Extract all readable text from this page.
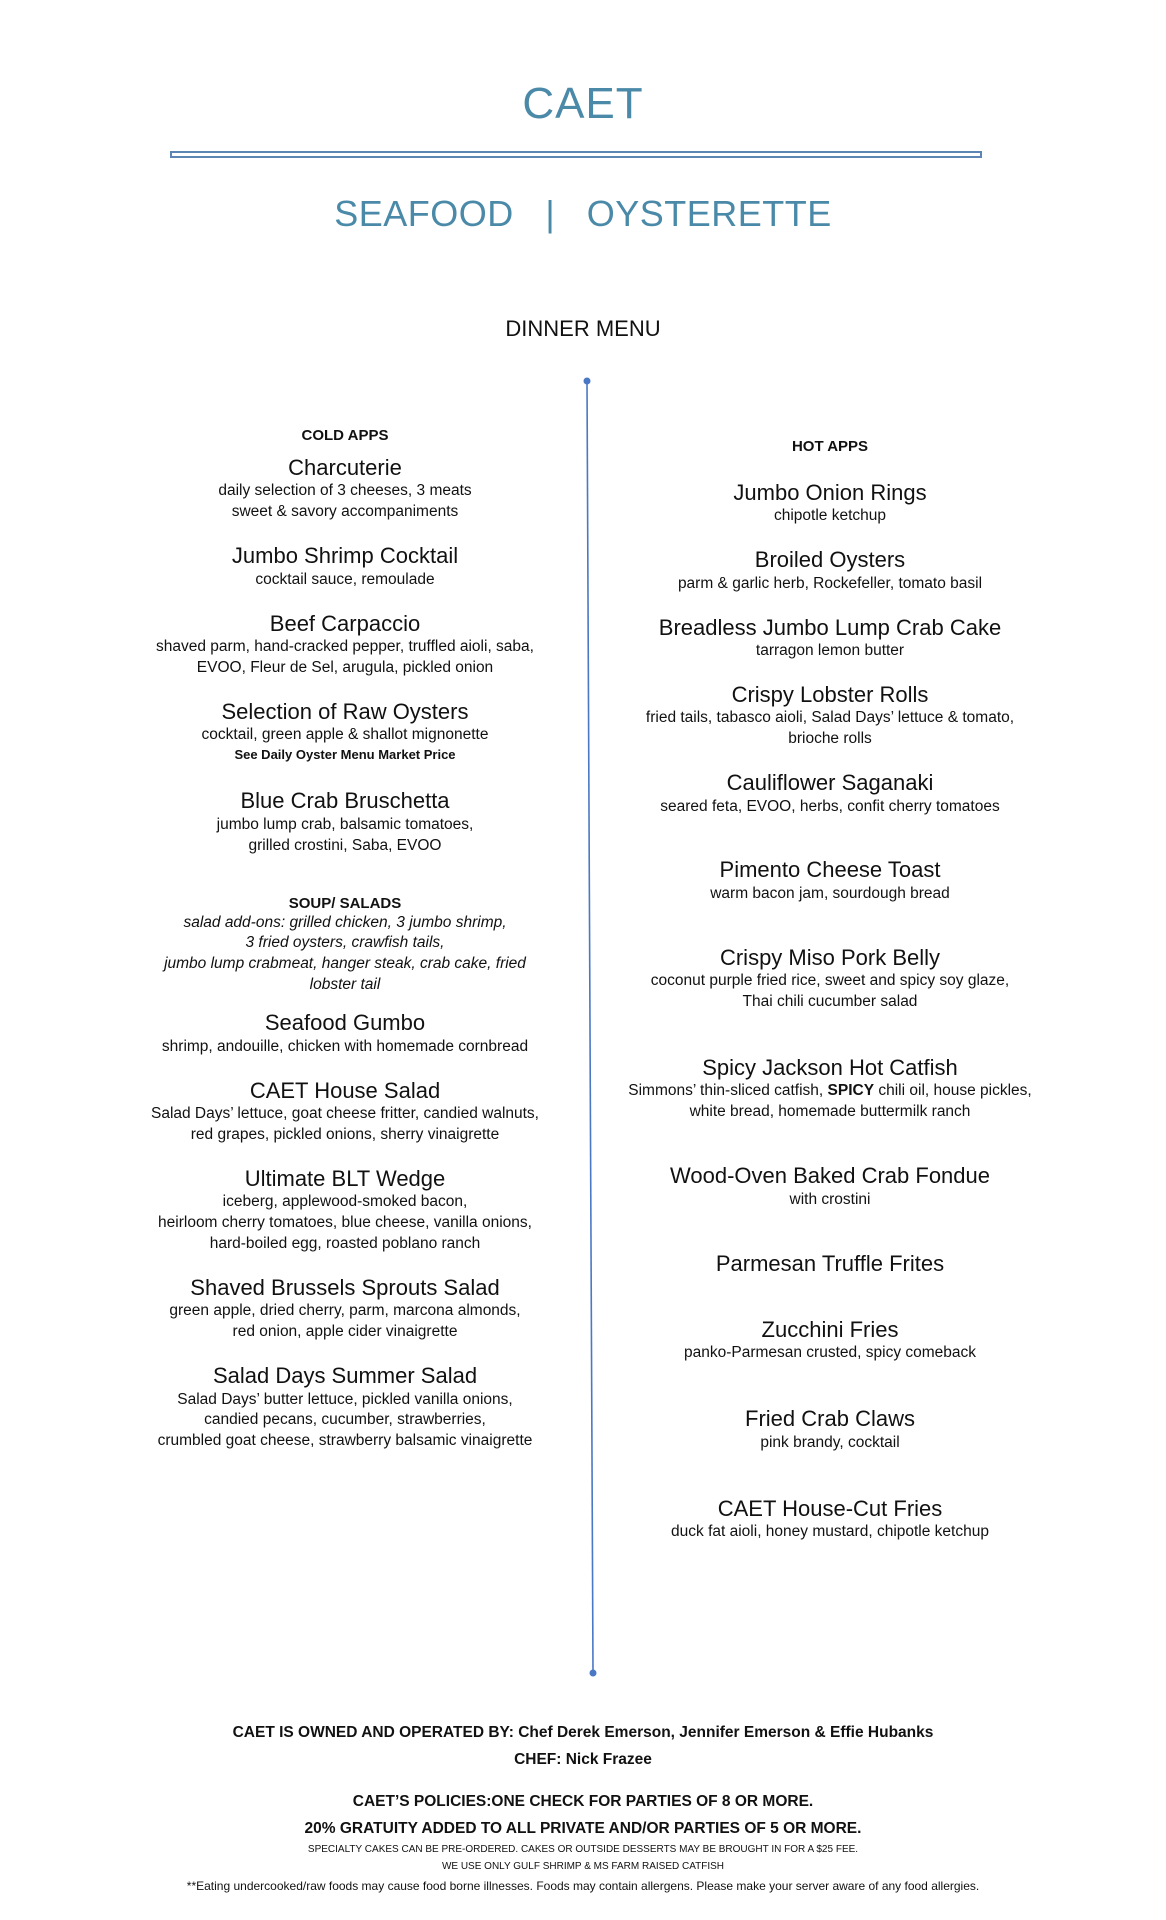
CAET
SEAFOOD | OYSTERETTE
DINNER MENU
COLD APPS
Charcuterie
daily selection of 3 cheeses, 3 meats
sweet & savory accompaniments
Jumbo Shrimp Cocktail
cocktail sauce, remoulade
Beef Carpaccio
shaved parm, hand-cracked pepper, truffled aioli, saba,
EVOO, Fleur de Sel, arugula, pickled onion
Selection of Raw Oysters
cocktail, green apple & shallot mignonette
See Daily Oyster Menu Market Price
Blue Crab Bruschetta
jumbo lump crab, balsamic tomatoes,
grilled crostini, Saba, EVOO
SOUP/ SALADS
salad add-ons: grilled chicken, 3 jumbo shrimp,
3 fried oysters, crawfish tails,
jumbo lump crabmeat, hanger steak, crab cake, fried
lobster tail
Seafood Gumbo
shrimp, andouille, chicken with homemade cornbread
CAET House Salad
Salad Days’ lettuce, goat cheese fritter, candied walnuts,
red grapes, pickled onions, sherry vinaigrette
Ultimate BLT Wedge
iceberg, applewood-smoked bacon,
heirloom cherry tomatoes, blue cheese, vanilla onions,
hard-boiled egg, roasted poblano ranch
Shaved Brussels Sprouts Salad
green apple, dried cherry, parm, marcona almonds,
red onion, apple cider vinaigrette
Salad Days Summer Salad
Salad Days’ butter lettuce, pickled vanilla onions,
candied pecans, cucumber, strawberries,
crumbled goat cheese, strawberry balsamic vinaigrette
HOT APPS
Jumbo Onion Rings
chipotle ketchup
Broiled Oysters
parm & garlic herb, Rockefeller, tomato basil
Breadless Jumbo Lump Crab Cake
tarragon lemon butter
Crispy Lobster Rolls
fried tails, tabasco aioli, Salad Days’ lettuce & tomato,
brioche rolls
Cauliflower Saganaki
seared feta, EVOO, herbs, confit cherry tomatoes
Pimento Cheese Toast
warm bacon jam, sourdough bread
Crispy Miso Pork Belly
coconut purple fried rice, sweet and spicy soy glaze,
Thai chili cucumber salad
Spicy Jackson Hot Catfish
Simmons’ thin-sliced catfish, SPICY chili oil, house pickles,
white bread, homemade buttermilk ranch
Wood-Oven Baked Crab Fondue
with crostini
Parmesan Truffle Frites
Zucchini Fries
panko-Parmesan crusted, spicy comeback
Fried Crab Claws
pink brandy, cocktail
CAET House-Cut Fries
duck fat aioli, honey mustard, chipotle ketchup
CAET IS OWNED AND OPERATED BY: Chef Derek Emerson, Jennifer Emerson & Effie Hubanks
CHEF: Nick Frazee
CAET’S POLICIES:ONE CHECK FOR PARTIES OF 8 OR MORE.
20% GRATUITY ADDED TO ALL PRIVATE AND/OR PARTIES OF 5 OR MORE.
SPECIALTY CAKES CAN BE PRE-ORDERED. CAKES OR OUTSIDE DESSERTS MAY BE BROUGHT IN FOR A $25 FEE.
WE USE ONLY GULF SHRIMP & MS FARM RAISED CATFISH
**Eating undercooked/raw foods may cause food borne illnesses. Foods may contain allergens. Please make your server aware of any food allergies.
